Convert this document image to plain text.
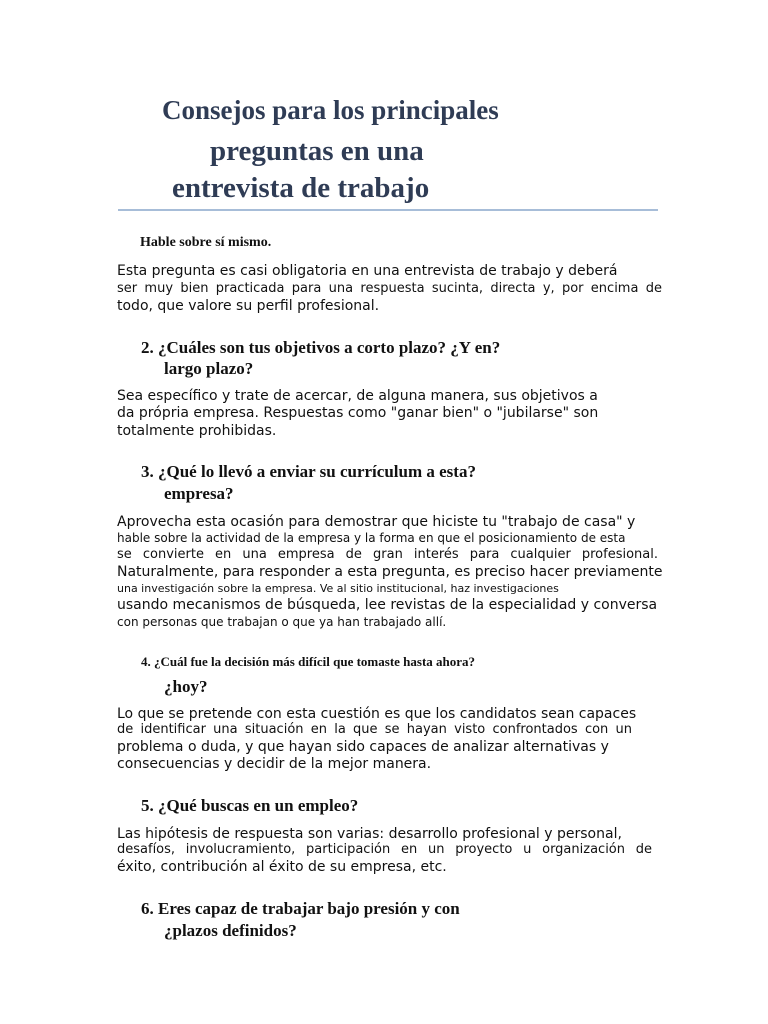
Consejos para los principales
preguntas en una
entrevista de trabajo
Hable sobre sí mismo.
Esta pregunta es casi obligatoria en una entrevista de trabajo y deberá
ser muy bien practicada para una respuesta sucinta, directa y, por encima de
todo, que valore su perfil profesional.
2. ¿Cuáles son tus objetivos a corto plazo? ¿Y en?
largo plazo?
Sea específico y trate de acercar, de alguna manera, sus objetivos a
da própria empresa. Respuestas como "ganar bien" o "jubilarse" son
totalmente prohibidas.
3. ¿Qué lo llevó a enviar su currículum a esta?
empresa?
Aprovecha esta ocasión para demostrar que hiciste tu "trabajo de casa" y
hable sobre la actividad de la empresa y la forma en que el posicionamiento de esta
se convierte en una empresa de gran interés para cualquier profesional.
Naturalmente, para responder a esta pregunta, es preciso hacer previamente
una investigación sobre la empresa. Ve al sitio institucional, haz investigaciones
usando mecanismos de búsqueda, lee revistas de la especialidad y conversa
con personas que trabajan o que ya han trabajado allí.
4. ¿Cuál fue la decisión más difícil que tomaste hasta ahora?
¿hoy?
Lo que se pretende con esta cuestión es que los candidatos sean capaces
de identificar una situación en la que se hayan visto confrontados con un
problema o duda, y que hayan sido capaces de analizar alternativas y
consecuencias y decidir de la mejor manera.
5. ¿Qué buscas en un empleo?
Las hipótesis de respuesta son varias: desarrollo profesional y personal,
desafíos, involucramiento, participación en un proyecto u organización de
éxito, contribución al éxito de su empresa, etc.
6. Eres capaz de trabajar bajo presión y con
¿plazos definidos?
